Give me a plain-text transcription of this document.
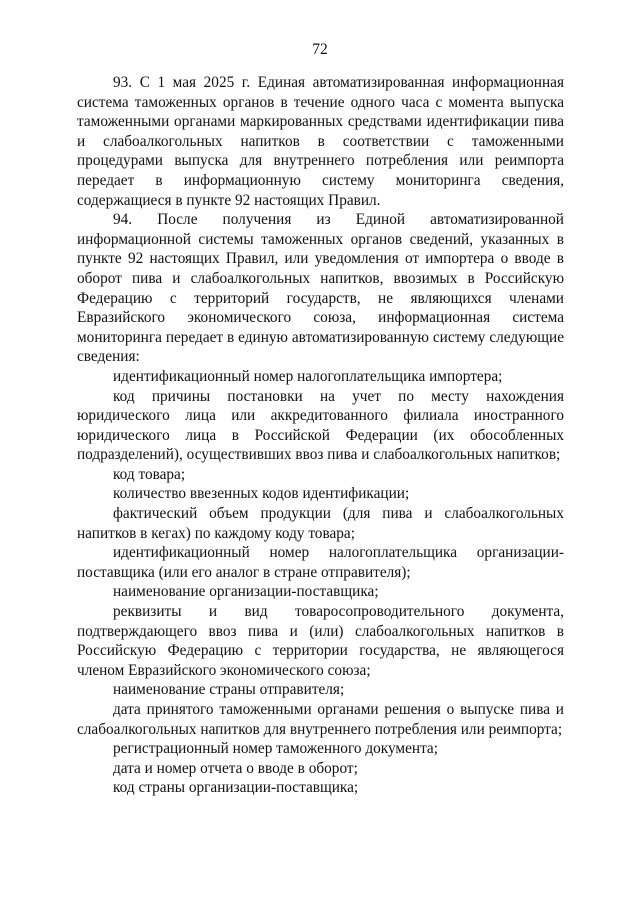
72

93. С 1 мая 2025 г. Единая автоматизированная информационная система таможенных органов в течение одного часа с момента выпуска таможенными органами маркированных средствами идентификации пива и слабоалкогольных напитков в соответствии с таможенными процедурами выпуска для внутреннего потребления или реимпорта передает в информационную систему мониторинга сведения, содержащиеся в пункте 92 настоящих Правил.

94. После получения из Единой автоматизированной информационной системы таможенных органов сведений, указанных в пункте 92 настоящих Правил, или уведомления от импортера о вводе в оборот пива и слабоалкогольных напитков, ввозимых в Российскую Федерацию с территорий государств, не являющихся членами Евразийского экономического союза, информационная система мониторинга передает в единую автоматизированную систему следующие сведения:

идентификационный номер налогоплательщика импортера;

код причины постановки на учет по месту нахождения юридического лица или аккредитованного филиала иностранного юридического лица в Российской Федерации (их обособленных подразделений), осуществивших ввоз пива и слабоалкогольных напитков;

код товара;

количество ввезенных кодов идентификации;

фактический объем продукции (для пива и слабоалкогольных напитков в кегах) по каждому коду товара;

идентификационный номер налогоплательщика организации-поставщика (или его аналог в стране отправителя);

наименование организации-поставщика;

реквизиты и вид товаросопроводительного документа, подтверждающего ввоз пива и (или) слабоалкогольных напитков в Российскую Федерацию с территории государства, не являющегося членом Евразийского экономического союза;

наименование страны отправителя;

дата принятого таможенными органами решения о выпуске пива и слабоалкогольных напитков для внутреннего потребления или реимпорта;

регистрационный номер таможенного документа;

дата и номер отчета о вводе в оборот;

код страны организации-поставщика;
